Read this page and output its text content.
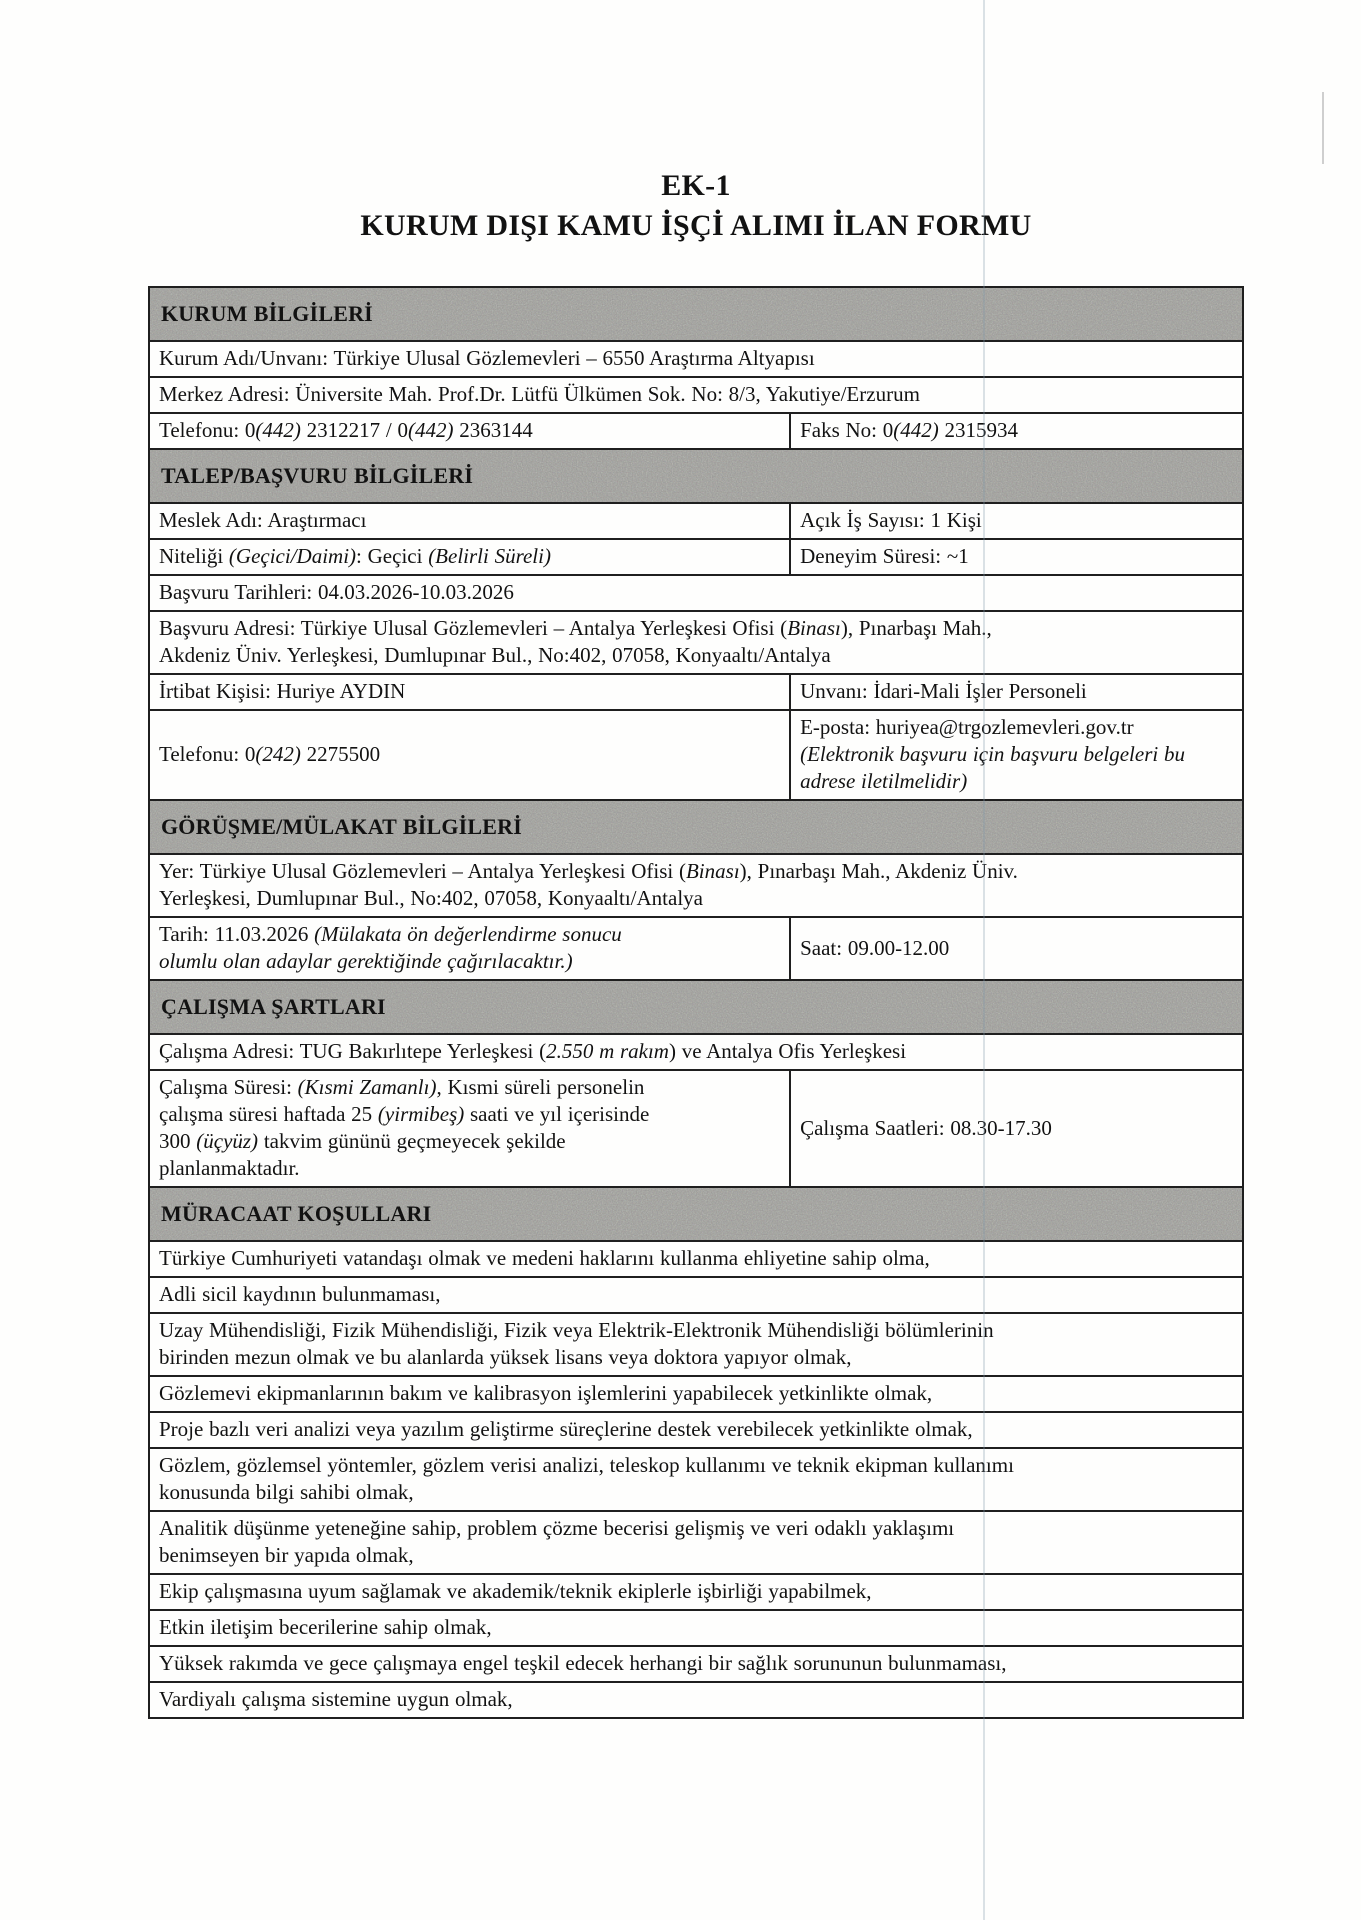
EK-1
KURUM DIŞI KAMU İŞÇİ ALIMI İLAN FORMU
KURUM BİLGİLERİ	
Kurum Adı/Unvanı: Türkiye Ulusal Gözlemevleri – 6550 Araştırma Altyapısı	
Merkez Adresi: Üniversite Mah. Prof.Dr. Lütfü Ülkümen Sok. No: 8/3, Yakutiye/Erzurum	
Telefonu: 0(442) 2312217 / 0(442) 2363144	Faks No: 0(442) 2315934

TALEP/BAŞVURU BİLGİLERİ	
Meslek Adı: Araştırmacı	Açık İş Sayısı: 1 Kişi
Niteliği (Geçici/Daimi): Geçici (Belirli Süreli)	Deneyim Süresi: ~1
Başvuru Tarihleri: 04.03.2026-10.03.2026	
Başvuru Adresi: Türkiye Ulusal Gözlemevleri – Antalya Yerleşkesi Ofisi (Binası), Pınarbaşı Mah., Akdeniz Üniv. Yerleşkesi, Dumlupınar Bul., No:402, 07058, Konyaaltı/Antalya	
İrtibat Kişisi: Huriye AYDIN	Unvanı: İdari-Mali İşler Personeli
Telefonu: 0(242) 2275500	E-posta: huriyea@trgozlemevleri.gov.tr (Elektronik başvuru için başvuru belgeleri bu adrese iletilmelidir)

GÖRÜŞME/MÜLAKAT BİLGİLERİ	
Yer: Türkiye Ulusal Gözlemevleri – Antalya Yerleşkesi Ofisi (Binası), Pınarbaşı Mah., Akdeniz Üniv. Yerleşkesi, Dumlupınar Bul., No:402, 07058, Konyaaltı/Antalya	
Tarih: 11.03.2026 (Mülakata ön değerlendirme sonucu olumlu olan adaylar gerektiğinde çağırılacaktır.)	Saat: 09.00-12.00

ÇALIŞMA ŞARTLARI	
Çalışma Adresi: TUG Bakırlıtepe Yerleşkesi (2.550 m rakım) ve Antalya Ofis Yerleşkesi	
Çalışma Süresi: (Kısmi Zamanlı), Kısmi süreli personelin çalışma süresi haftada 25 (yirmibeş) saati ve yıl içerisinde 300 (üçyüz) takvim gününü geçmeyecek şekilde planlanmaktadır.	Çalışma Saatleri: 08.30-17.30

MÜRACAAT KOŞULLARI	
Türkiye Cumhuriyeti vatandaşı olmak ve medeni haklarını kullanma ehliyetine sahip olma,	
Adli sicil kaydının bulunmaması,	
Uzay Mühendisliği, Fizik Mühendisliği, Fizik veya Elektrik-Elektronik Mühendisliği bölümlerinin birinden mezun olmak ve bu alanlarda yüksek lisans veya doktora yapıyor olmak,	
Gözlemevi ekipmanlarının bakım ve kalibrasyon işlemlerini yapabilecek yetkinlikte olmak,	
Proje bazlı veri analizi veya yazılım geliştirme süreçlerine destek verebilecek yetkinlikte olmak,	
Gözlem, gözlemsel yöntemler, gözlem verisi analizi, teleskop kullanımı ve teknik ekipman kullanımı konusunda bilgi sahibi olmak,	
Analitik düşünme yeteneğine sahip, problem çözme becerisi gelişmiş ve veri odaklı yaklaşımı benimseyen bir yapıda olmak,	
Ekip çalışmasına uyum sağlamak ve akademik/teknik ekiplerle işbirliği yapabilmek,	
Etkin iletişim becerilerine sahip olmak,	
Yüksek rakımda ve gece çalışmaya engel teşkil edecek herhangi bir sağlık sorununun bulunmaması,	
Vardiyalı çalışma sistemine uygun olmak,	
